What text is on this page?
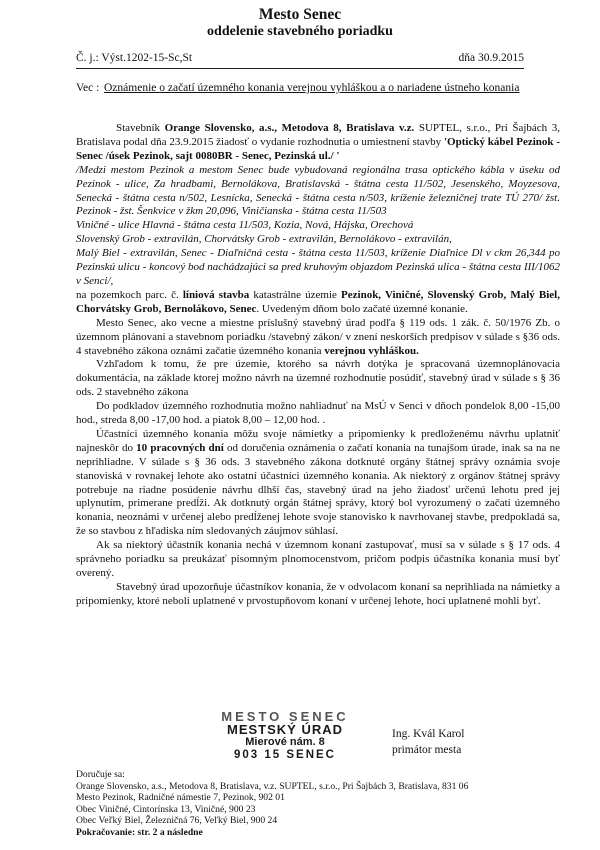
Mesto Senec
oddelenie stavebného poriadku
Č. j.: Výst.1202-15-Sc,St	dňa 30.9.2015
Vec : Oznámenie o začatí územného konania verejnou vyhláškou a o nariadene ústneho konania

Stavebník Orange Slovensko, a.s., Metodova 8, Bratislava v.z. SUPTEL, s.r.o., Pri Šajbách 3, Bratislava podal dňa 23.9.2015 žiadosť o vydanie rozhodnutia o umiestnení stavby 'Optický kábel Pezinok - Senec /úsek Pezinok, sajt 0080BR - Senec, Pezinská ul./ '

/Medzi mestom Pezinok a mestom Senec bude vybudovaná regionálna trasa optického kábla v úseku od Pezinok - ulice, Za hradbami, Bernolákova, Bratislavská - štátna cesta 11/502, Jesenského, Moyzesova, Senecká - štátna cesta n/502, Lesnícka, Senecká - štátna cesta n/503, kríženie železničnej trate TÚ 270/ žst. Pezinok - žst. Šenkvice v žkm 20,096, Viničianska - štátna cesta 11/503

Viničné - ulice Hlavná - štátna cesta 11/503, Kozia, Nová, Hájska, Orechová

Slovenský Grob - extravilán, Chorvátsky Grob - extravilán, Bernolákovo - extravilán,

Malý Biel - extravilán, Senec - Diaľničná cesta - štátna cesta 11/503, kríženie Diaľnice Dl v ckm 26,344 po Pezinskú ulicu - koncový bod nachádzajúci sa pred kruhovým objazdom Pezinská ulica - štátna cesta III/1062 v Senci/,

na pozemkoch parc. č. líniová stavba katastrálne územie Pezinok, Viničné, Slovenský Grob, Malý Biel, Chorvátsky Grob, Bernolákovo, Senec. Uvedeným dňom bolo začaté územné konanie.

Mesto Senec, ako vecne a miestne príslušný stavebný úrad podľa § 119 ods. 1 zák. č. 50/1976 Zb. o územnom plánovaní a stavebnom poriadku /stavebný zákon/ v znení neskorších predpisov v súlade s §36 ods. 4 stavebného zákona oznámi začatie územného konania verejnou vyhláškou.

Vzhľadom k tomu, že pre územie, ktorého sa návrh dotýka je spracovaná územnoplánovacia dokumentácia, na základe ktorej možno návrh na územné rozhodnutie posúdiť, stavebný úrad v súlade s § 36 ods. 2 stavebného zákona

Do podkladov územného rozhodnutia možno nahliadnuť na MsÚ v Senci v dňoch pondelok 8,00 -15,00 hod., streda 8,00 -17,00 hod. a piatok 8,00 – 12,00 hod. .

Účastníci územného konania môžu svoje námietky a pripomienky k predloženému návrhu uplatniť najneskôr do 10 pracovných dní od doručenia oznámenia o začatí konania na tunajšom úrade, inak sa na ne neprihliadne. V súlade s § 36 ods. 3 stavebného zákona dotknuté orgány štátnej správy oznámia svoje stanoviská v rovnakej lehote ako ostatní účastníci územného konania. Ak niektorý z orgánov štátnej správy potrebuje na riadne posúdenie návrhu dlhší čas, stavebný úrad na jeho žiadosť určenú lehotu pred jej uplynutím, primerane predĺži. Ak dotknutý orgán štátnej správy, ktorý bol vyrozumený o začatí územného konania, neoznámi v určenej alebo predĺženej lehote svoje stanovisko k navrhovanej stavbe, predpokladá sa, že so stavbou z hľadiska ním sledovaných záujmov súhlasí.

Ak sa niektorý účastník konania nechá v územnom konaní zastupovať, musí sa v súlade s § 17 ods. 4 správneho poriadku sa preukázať písomným plnomocenstvom, pričom podpis účastníka konania musí byť overený.

Stavebný úrad upozorňuje účastníkov konania, že v odvolacom konaní sa neprihliada na námietky a pripomienky, ktoré neboli uplatnené v prvostupňovom konaní v určenej lehote, hoci uplatnené mohli byť.

MESTO SENEC
MESTSKÝ ÚRAD
Mierové nám. 8
903 15 SENEC
Ing. Kvál Karol
primátor mesta

Doručuje sa:

Orange Slovensko, a.s., Metodova 8, Bratislava, v.z. SUPTEL, s.r.o., Pri Šajbách 3, Bratislava, 831 06

Mesto Pezinok, Radničné námestie 7, Pezinok, 902 01

Obec Viničné, Cintorínska 13, Viničné, 900 23

Obec Veľký Biel, Železničná 76, Veľký Biel, 900 24

Pokračovanie: str. 2 a následne
